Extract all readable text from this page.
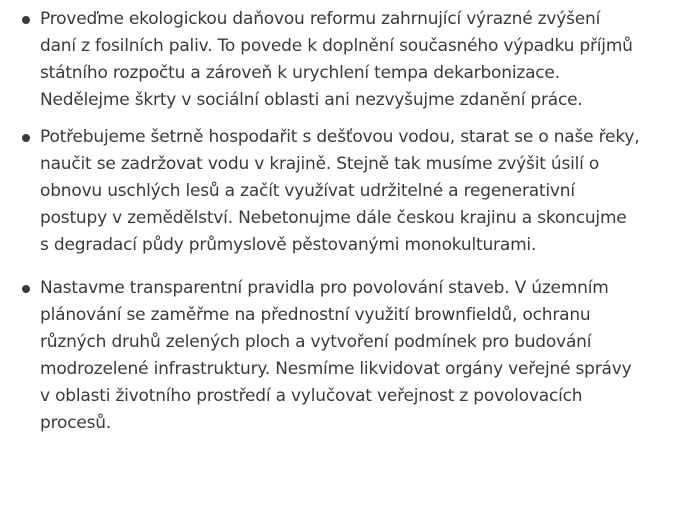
Proveďme ekologickou daňovou reformu zahrnující výrazné zvýšení daní z fosilních paliv. To povede k doplnění současného výpadku příjmů státního rozpočtu a zároveň k urychlení tempa dekarbonizace. Nedělejme škrty v sociální oblasti ani nezvyšujme zdanění práce.
Potřebujeme šetrně hospodařit s dešťovou vodou, starat se o naše řeky, naučit se zadržovat vodu v krajině. Stejně tak musíme zvýšit úsilí o obnovu uschlých lesů a začít využívat udržitelné a regenerativní postupy v zemědělství. Nebetonujme dále českou krajinu a skoncujme s degradací půdy průmyslově pěstovanými monokulturami.
Nastavme transparentní pravidla pro povolování staveb. V územním plánování se zaměřme na přednostní využití brownfieldů, ochranu různých druhů zelených ploch a vytvoření podmínek pro budování modrozelené infrastruktury. Nesmíme likvidovat orgány veřejné správy v oblasti životního prostředí a vylučovat veřejnost z povolovacích procesů.
